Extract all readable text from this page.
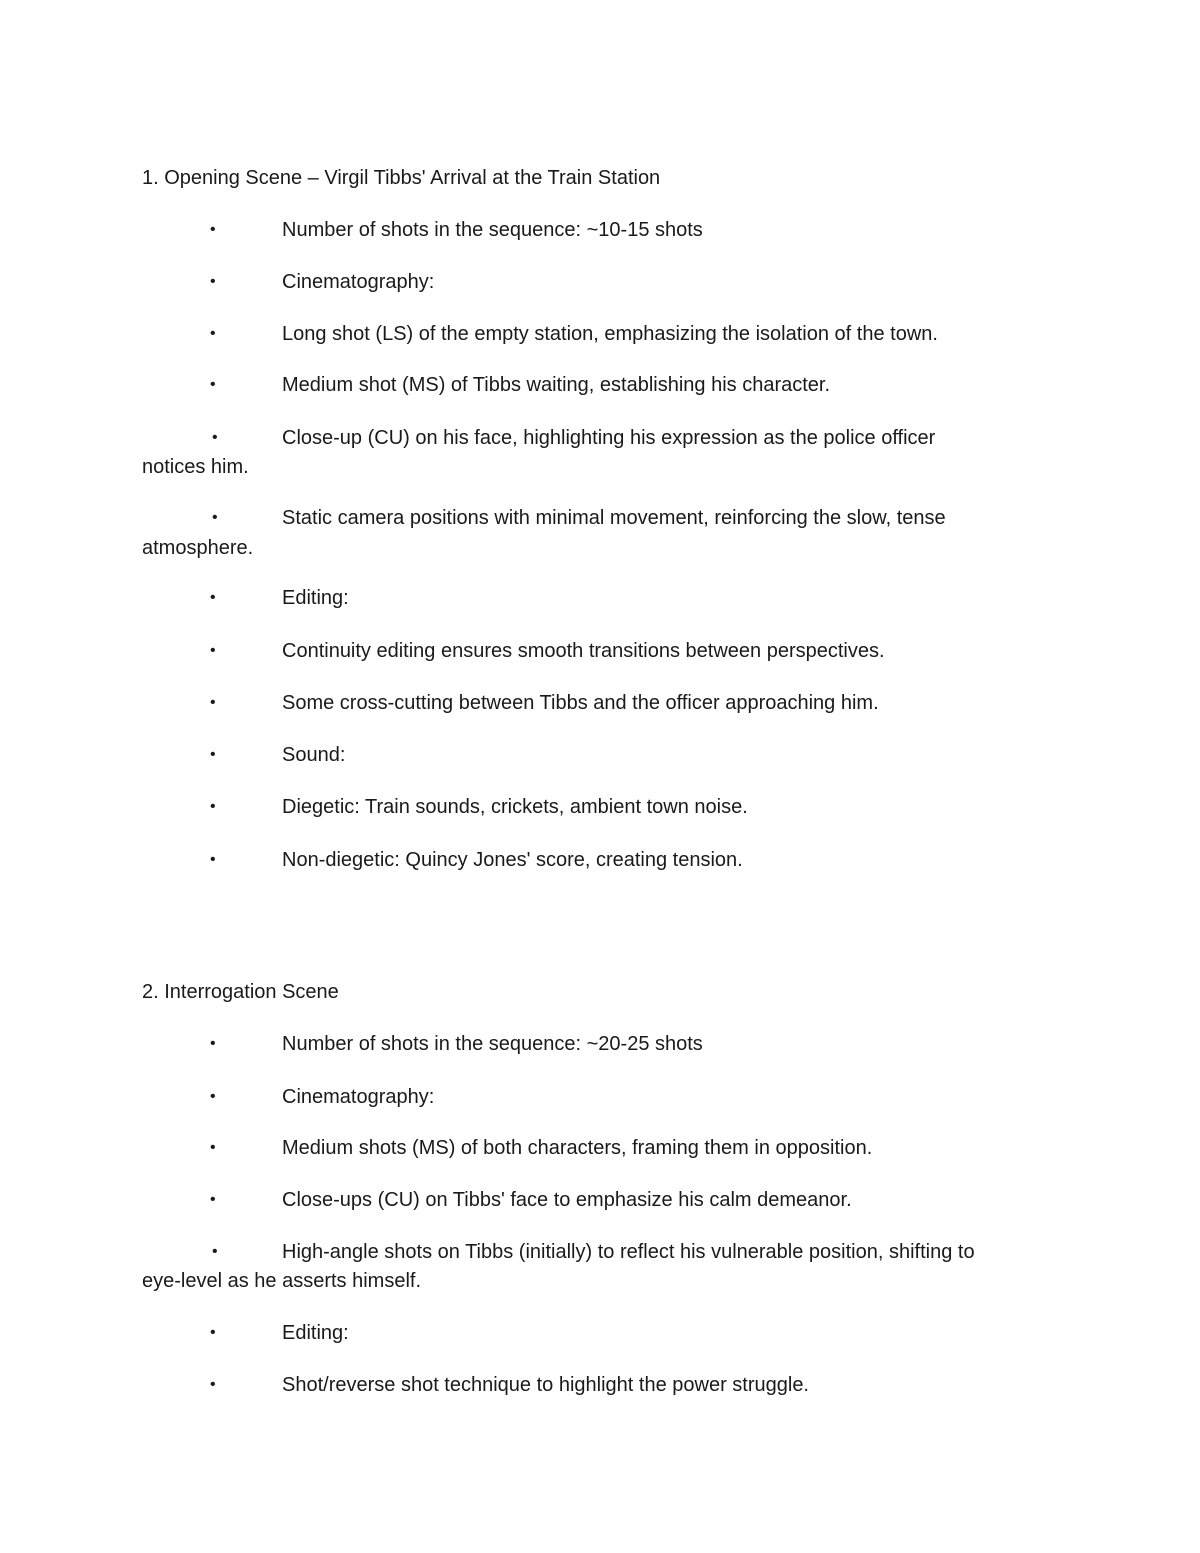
1. Opening Scene – Virgil Tibbs' Arrival at the Train Station
•	Number of shots in the sequence: ~10-15 shots
•	Cinematography:
•	Long shot (LS) of the empty station, emphasizing the isolation of the town.
•	Medium shot (MS) of Tibbs waiting, establishing his character.
•	Close-up (CU) on his face, highlighting his expression as the police officer
notices him.
•	Static camera positions with minimal movement, reinforcing the slow, tense
atmosphere.
•	Editing:
•	Continuity editing ensures smooth transitions between perspectives.
•	Some cross-cutting between Tibbs and the officer approaching him.
•	Sound:
•	Diegetic: Train sounds, crickets, ambient town noise.
•	Non-diegetic: Quincy Jones' score, creating tension.
2. Interrogation Scene
•	Number of shots in the sequence: ~20-25 shots
•	Cinematography:
•	Medium shots (MS) of both characters, framing them in opposition.
•	Close-ups (CU) on Tibbs' face to emphasize his calm demeanor.
•	High-angle shots on Tibbs (initially) to reflect his vulnerable position, shifting to
eye-level as he asserts himself.
•	Editing:
•	Shot/reverse shot technique to highlight the power struggle.
